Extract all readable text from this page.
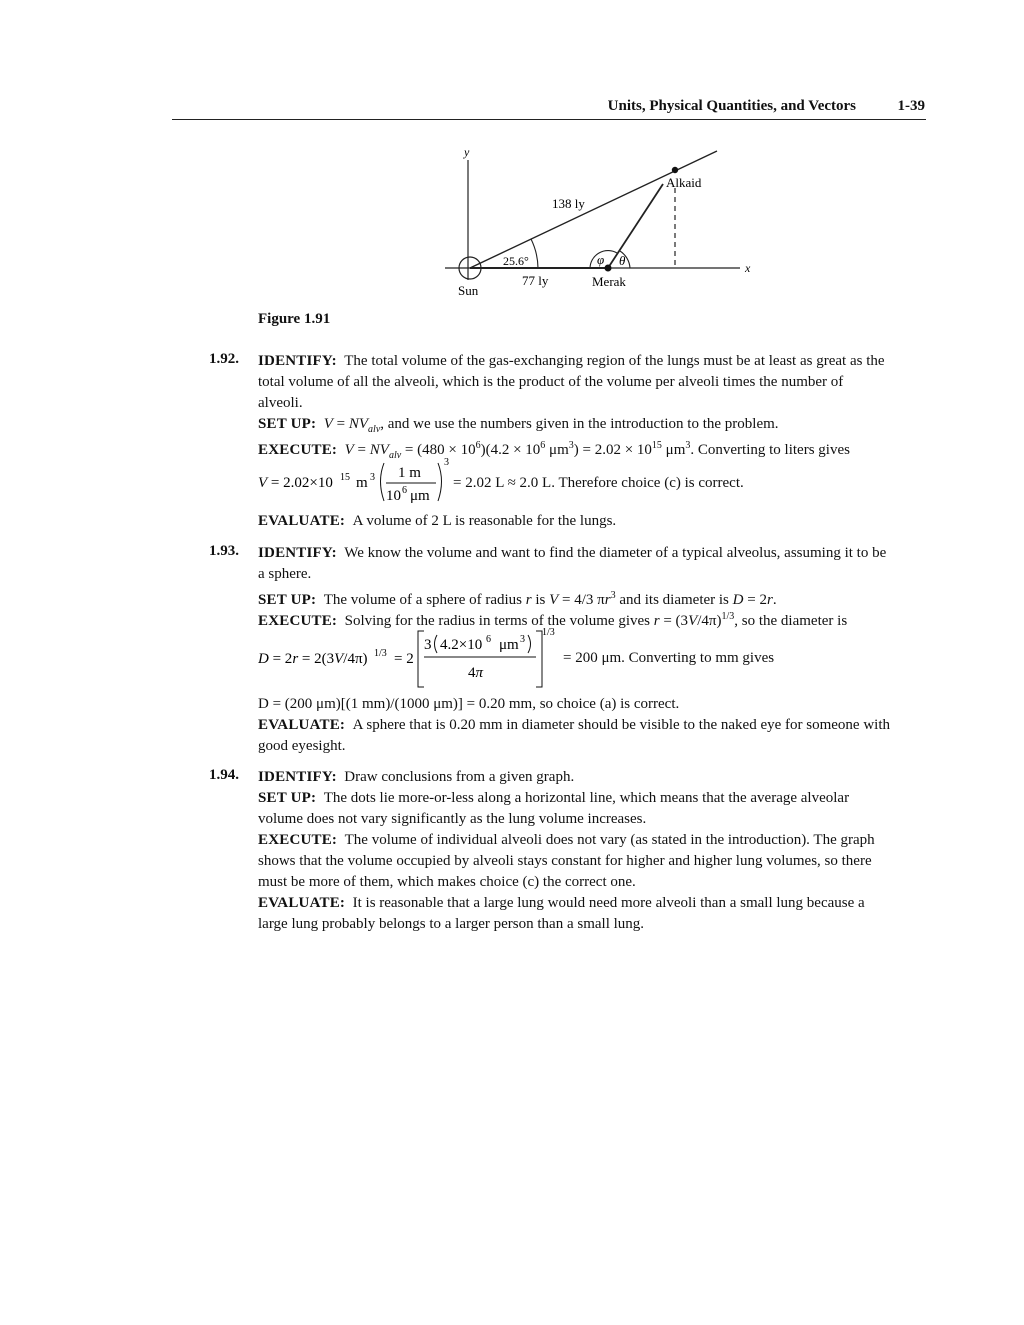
Units, Physical Quantities, and Vectors	1-39
y
x
Sun
Alkaid
Merak
138 ly
77 ly
25.6°	φ θ
Figure 1.91
1.92. IDENTIFY: The total volume of the gas-exchanging region of the lungs must be at least as great as the
total volume of all the alveoli, which is the product of the volume per alveoli times the number of
alveoli.
SET UP: $V = NV_{alv}$, and we use the numbers given in the introduction to the problem.
EXECUTE: $V = NV_{alv} = (480 \times 10^6)(4.2 \times 10^6$ $\mu m^3) = 2.02 \times 10^{15}$ $\mu m^3$. Converting to liters gives
V = 2.02×10 15 m 3 1 m
10 6 μm
3
= 2.02 L ≈ 2.0 L. Therefore choice (c) is correct.
EVALUATE: A volume of 2 L is reasonable for the lungs.
1.93. IDENTIFY: We know the volume and want to find the diameter of a typical alveolus, assuming it to be
a sphere.
SET UP: The volume of a sphere of radius r is V = 4/3 $\pi r^3$ and its diameter is D = 2r.
EXECUTE: Solving for the radius in terms of the volume gives $r = (3V/4\pi)^{1/3}$, so the diameter is
D = 2r = 2(3V/4π) 1/3 = 2
3 4.2×10 6 μm 3
4π
1/3
= 200 μm. Converting to mm gives
D = (200 μm)[(1 mm)/(1000 μm)] = 0.20 mm, so choice (a) is correct.
EVALUATE: A sphere that is 0.20 mm in diameter should be visible to the naked eye for someone with
good eyesight.
1.94. IDENTIFY: Draw conclusions from a given graph.
SET UP: The dots lie more-or-less along a horizontal line, which means that the average alveolar
volume does not vary significantly as the lung volume increases.
EXECUTE: The volume of individual alveoli does not vary (as stated in the introduction). The graph
shows that the volume occupied by alveoli stays constant for higher and higher lung volumes, so there
must be more of them, which makes choice (c) the correct one.
EVALUATE: It is reasonable that a large lung would need more alveoli than a small lung because a
large lung probably belongs to a larger person than a small lung.
